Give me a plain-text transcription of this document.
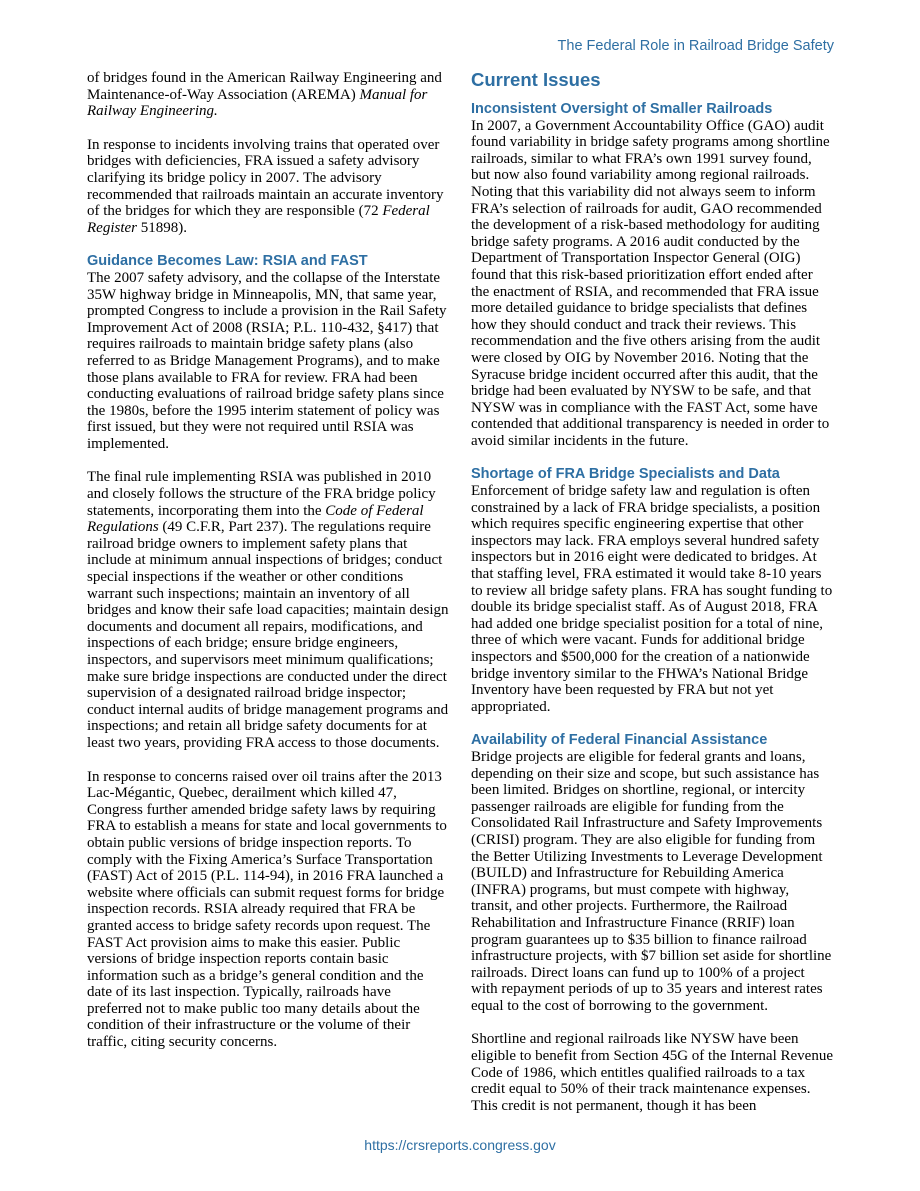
The Federal Role in Railroad Bridge Safety

of bridges found in the American Railway Engineering and Maintenance-of-Way Association (AREMA) Manual for Railway Engineering.

In response to incidents involving trains that operated over bridges with deficiencies, FRA issued a safety advisory clarifying its bridge policy in 2007. The advisory recommended that railroads maintain an accurate inventory of the bridges for which they are responsible (72 Federal Register 51898).

Guidance Becomes Law: RSIA and FAST

The 2007 safety advisory, and the collapse of the Interstate 35W highway bridge in Minneapolis, MN, that same year, prompted Congress to include a provision in the Rail Safety Improvement Act of 2008 (RSIA; P.L. 110-432, §417) that requires railroads to maintain bridge safety plans (also referred to as Bridge Management Programs), and to make those plans available to FRA for review. FRA had been conducting evaluations of railroad bridge safety plans since the 1980s, before the 1995 interim statement of policy was first issued, but they were not required until RSIA was implemented.

The final rule implementing RSIA was published in 2010 and closely follows the structure of the FRA bridge policy statements, incorporating them into the Code of Federal Regulations (49 C.F.R, Part 237). The regulations require railroad bridge owners to implement safety plans that include at minimum annual inspections of bridges; conduct special inspections if the weather or other conditions warrant such inspections; maintain an inventory of all bridges and know their safe load capacities; maintain design documents and document all repairs, modifications, and inspections of each bridge; ensure bridge engineers, inspectors, and supervisors meet minimum qualifications; make sure bridge inspections are conducted under the direct supervision of a designated railroad bridge inspector; conduct internal audits of bridge management programs and inspections; and retain all bridge safety documents for at least two years, providing FRA access to those documents.

In response to concerns raised over oil trains after the 2013 Lac-Mégantic, Quebec, derailment which killed 47, Congress further amended bridge safety laws by requiring FRA to establish a means for state and local governments to obtain public versions of bridge inspection reports. To comply with the Fixing America’s Surface Transportation (FAST) Act of 2015 (P.L. 114-94), in 2016 FRA launched a website where officials can submit request forms for bridge inspection records. RSIA already required that FRA be granted access to bridge safety records upon request. The FAST Act provision aims to make this easier. Public versions of bridge inspection reports contain basic information such as a bridge’s general condition and the date of its last inspection. Typically, railroads have preferred not to make public too many details about the condition of their infrastructure or the volume of their traffic, citing security concerns.

Current Issues
Inconsistent Oversight of Smaller Railroads

In 2007, a Government Accountability Office (GAO) audit found variability in bridge safety programs among shortline railroads, similar to what FRA’s own 1991 survey found, but now also found variability among regional railroads. Noting that this variability did not always seem to inform FRA’s selection of railroads for audit, GAO recommended the development of a risk-based methodology for auditing bridge safety programs. A 2016 audit conducted by the Department of Transportation Inspector General (OIG) found that this risk-based prioritization effort ended after the enactment of RSIA, and recommended that FRA issue more detailed guidance to bridge specialists that defines how they should conduct and track their reviews. This recommendation and the five others arising from the audit were closed by OIG by November 2016. Noting that the Syracuse bridge incident occurred after this audit, that the bridge had been evaluated by NYSW to be safe, and that NYSW was in compliance with the FAST Act, some have contended that additional transparency is needed in order to avoid similar incidents in the future.

Shortage of FRA Bridge Specialists and Data

Enforcement of bridge safety law and regulation is often constrained by a lack of FRA bridge specialists, a position which requires specific engineering expertise that other inspectors may lack. FRA employs several hundred safety inspectors but in 2016 eight were dedicated to bridges. At that staffing level, FRA estimated it would take 8-10 years to review all bridge safety plans. FRA has sought funding to double its bridge specialist staff. As of August 2018, FRA had added one bridge specialist position for a total of nine, three of which were vacant. Funds for additional bridge inspectors and $500,000 for the creation of a nationwide bridge inventory similar to the FHWA’s National Bridge Inventory have been requested by FRA but not yet appropriated.

Availability of Federal Financial Assistance

Bridge projects are eligible for federal grants and loans, depending on their size and scope, but such assistance has been limited. Bridges on shortline, regional, or intercity passenger railroads are eligible for funding from the Consolidated Rail Infrastructure and Safety Improvements (CRISI) program. They are also eligible for funding from the Better Utilizing Investments to Leverage Development (BUILD) and Infrastructure for Rebuilding America (INFRA) programs, but must compete with highway, transit, and other projects. Furthermore, the Railroad Rehabilitation and Infrastructure Finance (RRIF) loan program guarantees up to $35 billion to finance railroad infrastructure projects, with $7 billion set aside for shortline railroads. Direct loans can fund up to 100% of a project with repayment periods of up to 35 years and interest rates equal to the cost of borrowing to the government.

Shortline and regional railroads like NYSW have been eligible to benefit from Section 45G of the Internal Revenue Code of 1986, which entitles qualified railroads to a tax credit equal to 50% of their track maintenance expenses. This credit is not permanent, though it has been

https://crsreports.congress.gov
